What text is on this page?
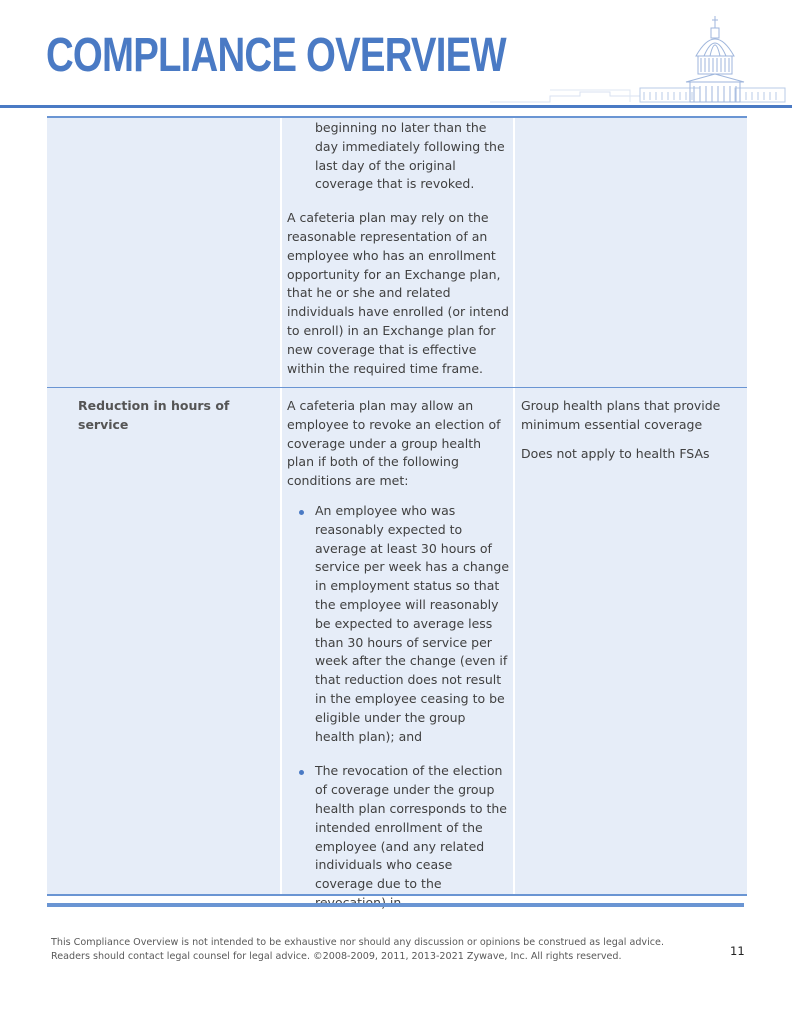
COMPLIANCE OVERVIEW
beginning no later than the day immediately following the last day of the original coverage that is revoked.

A cafeteria plan may rely on the reasonable representation of an employee who has an enrollment opportunity for an Exchange plan, that he or she and related individuals have enrolled (or intend to enroll) in an Exchange plan for new coverage that is effective within the required time frame.

Reduction in hours of service

A cafeteria plan may allow an employee to revoke an election of coverage under a group health plan if both of the following conditions are met:

An employee who was reasonably expected to average at least 30 hours of service per week has a change in employment status so that the employee will reasonably be expected to average less than 30 hours of service per week after the change (even if that reduction does not result in the employee ceasing to be eligible under the group health plan); and
The revocation of the election of coverage under the group health plan corresponds to the intended enrollment of the employee (and any related individuals who cease coverage due to the

Group health plans that provide minimum essential coverage

Does not apply to health FSAs

This Compliance Overview is not intended to be exhaustive nor should any discussion or opinions be construed as legal advice.
Readers should contact legal counsel for legal advice. ©2008-2009, 2011, 2013-2021 Zywave, Inc. All rights reserved.	11
